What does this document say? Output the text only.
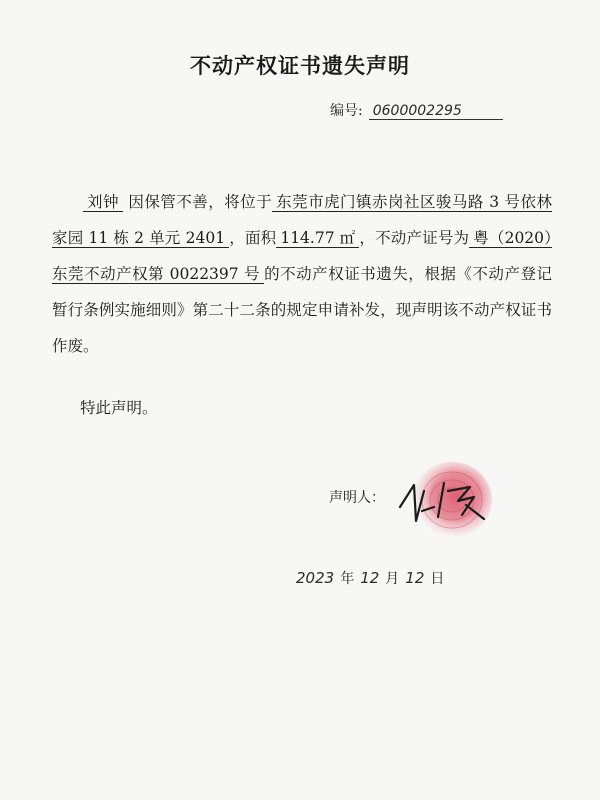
不动产权证书遗失声明
编号: 0600002295

刘钟 因保管不善，将位于 东莞市虎门镇赤岗社区骏马路 3 号依林家园 11 栋 2 单元 2401 ，面积 114.77 ㎡ ，不动产证号为 粤（2020）东莞不动产权第 0022397 号 的不动产权证书遗失，根据《不动产登记暂行条例实施细则》第二十二条的规定申请补发，现声明该不动产权证书作废。

特此声明。
声明人：
2023 年 12 月 12 日
